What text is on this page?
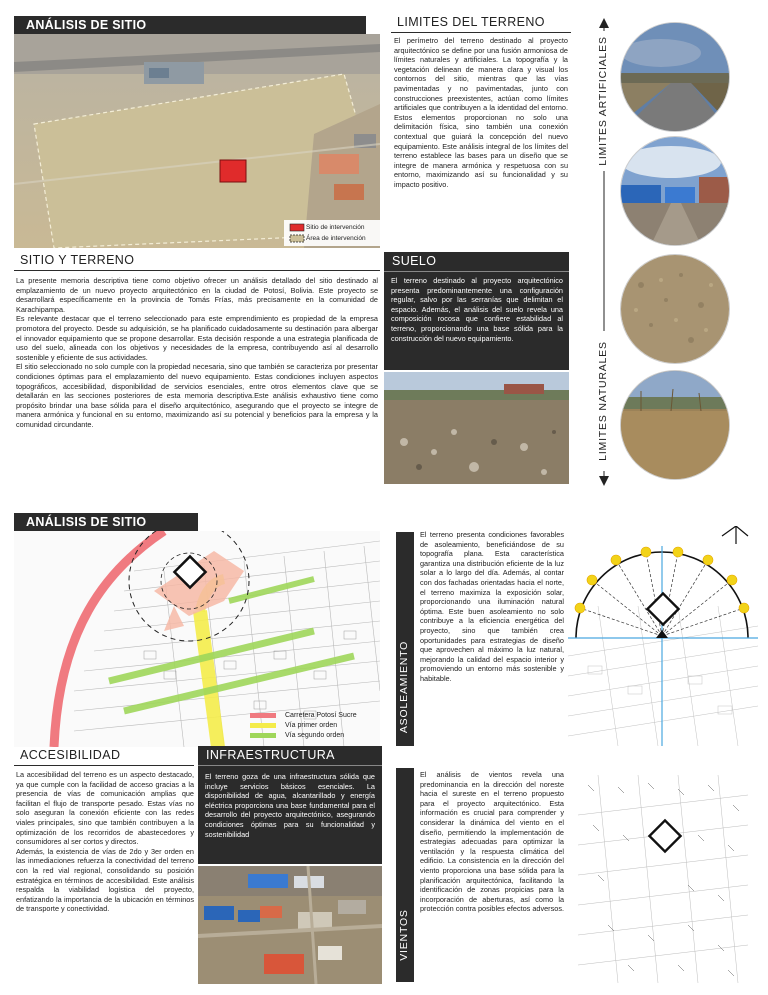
ANÁLISIS DE SITIO
Sitio de intervención
Área de intervención
LIMITES DEL TERRENO

El perímetro del terreno destinado al proyecto arquitectónico se define por una fusión armoniosa de límites naturales y artificiales. La topografía y la vegetación delinean de manera clara y visual los contornos del sitio, mientras que las vías pavimentadas y no pavimentadas, junto con construcciones preexistentes, actúan como límites artificiales que contribuyen a la identidad del entorno. Estos elementos proporcionan no solo una delimitación física, sino también una conexión contextual que guiará la concepción del nuevo equipamiento. Este análisis integral de los límites del terreno establece las bases para un diseño que se integre de manera armónica y respetuosa con su entorno, maximizando así su funcionalidad y su impacto positivo.

LIMITES ARTIFICIALES
LIMITES NATURALES
SITIO Y TERRENO

La presente memoria descriptiva tiene como objetivo ofrecer un análisis detallado del sitio destinado al emplazamiento de un nuevo proyecto arquitectónico en la ciudad de Potosí, Bolivia. Este proyecto se desarrollará específicamente en la provincia de Tomás Frías, más precisamente en la comunidad de Karachipampa.
Es relevante destacar que el terreno seleccionado para este emprendimiento es propiedad de la empresa promotora del proyecto. Desde su adquisición, se ha planificado cuidadosamente su destinación para albergar el innovador equipamiento que se propone desarrollar. Esta decisión responde a una estrategia planificada de uso del suelo, alineada con los objetivos y necesidades de la empresa, contribuyendo así al desarrollo sostenible y eficiente de sus actividades.
El sitio seleccionado no solo cumple con la propiedad necesaria, sino que también se caracteriza por presentar condiciones óptimas para el emplazamiento del nuevo equipamiento. Estas condiciones incluyen aspectos topográficos, accesibilidad, disponibilidad de servicios esenciales, entre otros elementos clave que se detallarán en las secciones posteriores de esta memoria descriptiva.Este análisis exhaustivo tiene como propósito brindar una base sólida para el diseño arquitectónico, asegurando que el proyecto se integre de manera armónica y funcional en su entorno, maximizando así su potencial y beneficios para la empresa y la comunidad circundante.

SUELO

El terreno destinado al proyecto arquitectónico presenta predominantemente una configuración regular, salvo por las serranías que delimitan el espacio. Además, el análisis del suelo revela una composición rocosa que confiere estabilidad al terreno, proporcionando una base sólida para la construcción del nuevo equipamiento.

ANÁLISIS DE SITIO
Carretera Potosí Sucre
Vía primer orden
Vía segundo orden
ASOLEAMIENTO

El terreno presenta condiciones favorables de asoleamiento, beneficiándose de su topografía plana. Esta característica garantiza una distribución eficiente de la luz solar a lo largo del día. Además, al contar con dos fachadas orientadas hacia el norte, el terreno maximiza la exposición solar, proporcionando una iluminación natural óptima. Este buen asoleamiento no solo contribuye a la eficiencia energética del proyecto, sino que también crea oportunidades para estrategias de diseño que aprovechen al máximo la luz natural, mejorando la calidad del espacio interior y promoviendo un entorno más sostenible y habitable.

ACCESIBILIDAD

La accesibilidad del terreno es un aspecto destacado, ya que cumple con la facilidad de acceso gracias a la presencia de vías de comunicación amplias que facilitan el flujo de transporte pesado. Estas vías no solo aseguran la conexión eficiente con las redes viales principales, sino que también contribuyen a la optimización de los recorridos de abastecedores y consumidores al ser cortos y directos.
Además, la existencia de vías de 2do y 3er orden en las inmediaciones refuerza la conectividad del terreno con la red vial regional, consolidando su posición estratégica en términos de accesibilidad. Este análisis respalda la viabilidad logística del proyecto, enfatizando la importancia de la ubicación en términos de transporte y conectividad.

INFRAESTRUCTURA

El terreno goza de una infraestructura sólida que incluye servicios básicos esenciales. La disponibilidad de agua, alcantarillado y energía eléctrica proporciona una base fundamental para el desarrollo del proyecto arquitectónico, asegurando condiciones óptimas para su funcionalidad y sostenibilidad

VIENTOS

El análisis de vientos revela una predominancia en la dirección del noreste hacia el sureste en el terreno propuesto para el proyecto arquitectónico. Esta información es crucial para comprender y considerar la dinámica del viento en el diseño, permitiendo la implementación de estrategias adecuadas para optimizar la ventilación y la respuesta climática del edificio. La consistencia en la dirección del viento proporciona una base sólida para la planificación arquitectónica, facilitando la identificación de zonas propicias para la incorporación de aberturas, así como la protección contra posibles efectos adversos.
